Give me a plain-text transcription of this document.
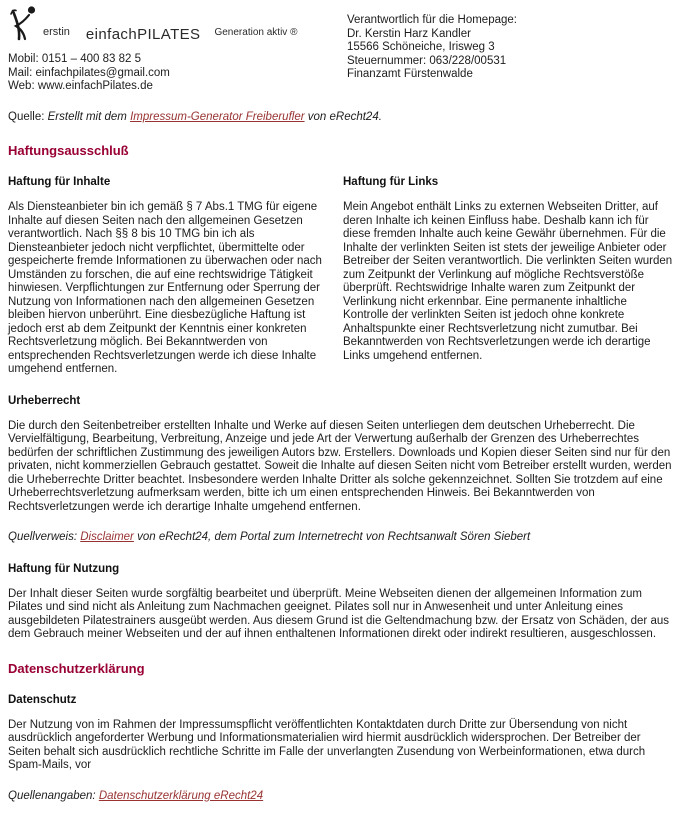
erstin einfachPILATES Generation aktiv ®
Mobil: 0151 – 400 83 82 5
Mail: einfachpilates@gmail.com
Web: www.einfachPilates.de
Verantwortlich für die Homepage:
Dr. Kerstin Harz Kandler
15566 Schöneiche, Irisweg 3
Steuernummer: 063/228/00531
Finanzamt Fürstenwalde
Quelle: Erstellt mit dem Impressum-Generator Freiberufler von eRecht24.
Haftungsausschluß
Haftung für Inhalte

Als Diensteanbieter bin ich gemäß § 7 Abs.1 TMG für eigene Inhalte auf diesen Seiten nach den allgemeinen Gesetzen verantwortlich. Nach §§ 8 bis 10 TMG bin ich als Diensteanbieter jedoch nicht verpflichtet, übermittelte oder gespeicherte fremde Informationen zu überwachen oder nach Umständen zu forschen, die auf eine rechtswidrige Tätigkeit hinwiesen. Verpflichtungen zur Entfernung oder Sperrung der Nutzung von Informationen nach den allgemeinen Gesetzen bleiben hiervon unberührt. Eine diesbezügliche Haftung ist jedoch erst ab dem Zeitpunkt der Kenntnis einer konkreten Rechtsverletzung möglich. Bei Bekanntwerden von entsprechenden Rechtsverletzungen werde ich diese Inhalte umgehend entfernen.

Haftung für Links

Mein Angebot enthält Links zu externen Webseiten Dritter, auf deren Inhalte ich keinen Einfluss habe. Deshalb kann ich für diese fremden Inhalte auch keine Gewähr übernehmen. Für die Inhalte der verlinkten Seiten ist stets der jeweilige Anbieter oder Betreiber der Seiten verantwortlich. Die verlinkten Seiten wurden zum Zeitpunkt der Verlinkung auf mögliche Rechtsverstöße überprüft. Rechtswidrige Inhalte waren zum Zeitpunkt der Verlinkung nicht erkennbar. Eine permanente inhaltliche Kontrolle der verlinkten Seiten ist jedoch ohne konkrete Anhaltspunkte einer Rechtsverletzung nicht zumutbar. Bei Bekanntwerden von Rechtsverletzungen werde ich derartige Links umgehend entfernen.

Urheberrecht

Die durch den Seitenbetreiber erstellten Inhalte und Werke auf diesen Seiten unterliegen dem deutschen Urheberrecht. Die Vervielfältigung, Bearbeitung, Verbreitung, Anzeige und jede Art der Verwertung außerhalb der Grenzen des Urheberrechtes bedürfen der schriftlichen Zustimmung des jeweiligen Autors bzw. Erstellers. Downloads und Kopien dieser Seiten sind nur für den privaten, nicht kommerziellen Gebrauch gestattet. Soweit die Inhalte auf diesen Seiten nicht vom Betreiber erstellt wurden, werden die Urheberrechte Dritter beachtet. Insbesondere werden Inhalte Dritter als solche gekennzeichnet. Sollten Sie trotzdem auf eine Urheberrechtsverletzung aufmerksam werden, bitte ich um einen entsprechenden Hinweis. Bei Bekanntwerden von Rechtsverletzungen werde ich derartige Inhalte umgehend entfernen.

Quellverweis: Disclaimer von eRecht24, dem Portal zum Internetrecht von Rechtsanwalt Sören Siebert
Haftung für Nutzung

Der Inhalt dieser Seiten wurde sorgfältig bearbeitet und überprüft. Meine Webseiten dienen der allgemeinen Information zum Pilates und sind nicht als Anleitung zum Nachmachen geeignet. Pilates soll nur in Anwesenheit und unter Anleitung eines ausgebildeten Pilatestrainers ausgeübt werden. Aus diesem Grund ist die Geltendmachung bzw. der Ersatz von Schäden, der aus dem Gebrauch meiner Webseiten und der auf ihnen enthaltenen Informationen direkt oder indirekt resultieren, ausgeschlossen.

Datenschutzerklärung
Datenschutz

Der Nutzung von im Rahmen der Impressumspflicht veröffentlichten Kontaktdaten durch Dritte zur Übersendung von nicht ausdrücklich angeforderter Werbung und Informationsmaterialien wird hiermit ausdrücklich widersprochen. Der Betreiber der Seiten behalt sich ausdrücklich rechtliche Schritte im Falle der unverlangten Zusendung von Werbeinformationen, etwa durch Spam-Mails, vor

Quellenangaben: Datenschutzerklärung eRecht24
